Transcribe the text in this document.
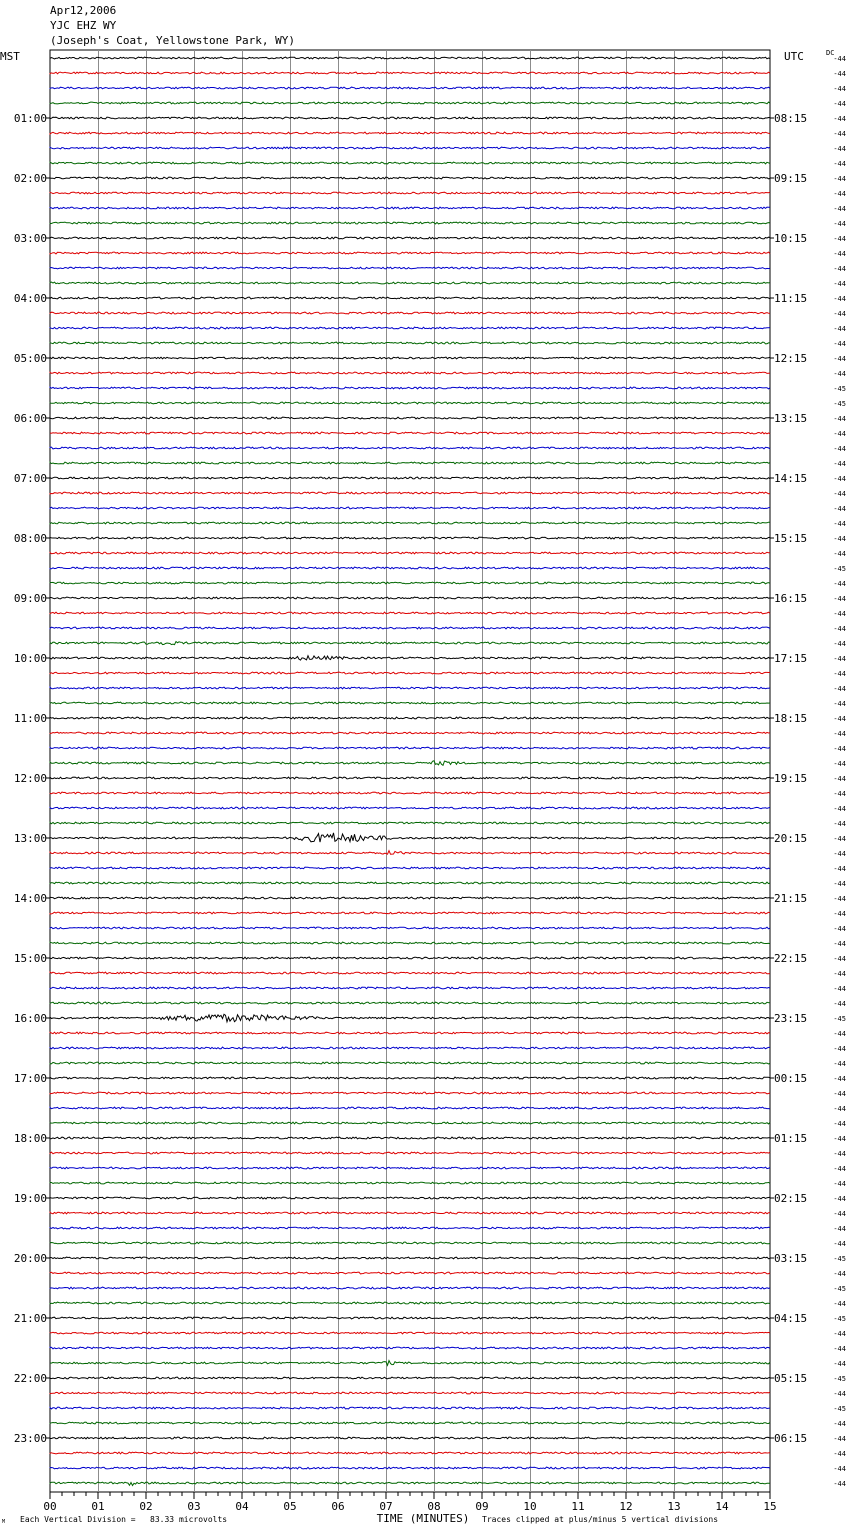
Apr12,2006
YJC EHZ WY
(Joseph's Coat, Yellowstone Park, WY)
MST	UTC	DC
-44
-44
-44
-44
-44
-44
-44
-44
-44
-44
-44
-44
-44
-44
-44
-44
-44
-44
-44
-44
-44
-44
-45
-45
-44
-44
-44
-44
-44
-44
-44
-44
-44
-44
-45
-44
-44
-44
-44
-44
-44
-44
-44
-44
-44
-44
-44
-44
-44
-44
-44
-44
-44
-44
-44
-44
-44
-44
-44
-44
-44
-44
-44
-44
-45
-44
-44
-44
-44
-44
-44
-44
-44
-44
-44
-44
-44
-44
-44
-44
-45
-44
-45
-44
-45
-44
-44
-44
-45
-44
-45
-44
-44
-44
-44
-44
01:00	08:15
02:00	09:15
03:00	10:15
04:00	11:15
05:00	12:15
06:00	13:15
07:00	14:15
08:00	15:15
09:00	16:15
10:00	17:15
11:00	18:15
12:00	19:15
13:00	20:15
14:00	21:15
15:00	22:15
16:00	23:15
17:00	00:15
18:00	01:15
19:00	02:15
20:00	03:15
21:00	04:15
22:00	05:15
23:00	06:15
00	01	02	03	04	05	06	07	08	09	10	11	12	13	14	15
TIME (MINUTES)
Each Vertical Division =   83.33 microvolts	Traces clipped at plus/minus 5 vertical divisions
M
